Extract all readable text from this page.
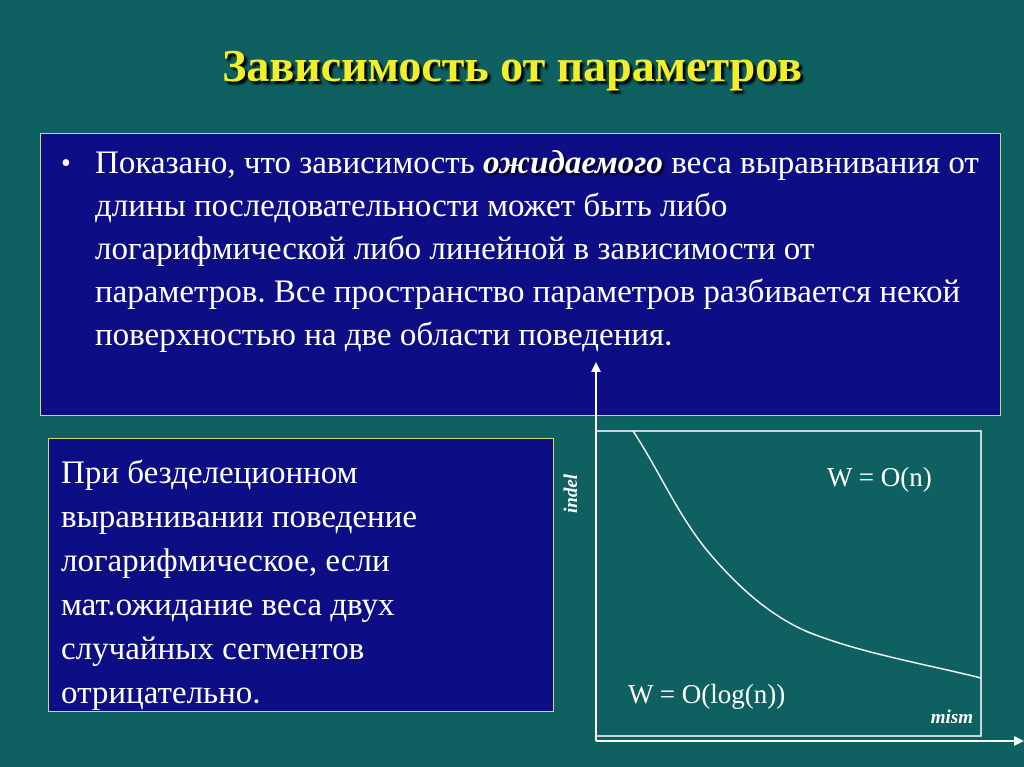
Зависимость от параметров
• Показано, что зависимость ожидаемого веса выравнивания от длины последовательности может быть либо логарифмической либо линейной в зависимости от параметров. Все пространство параметров разбивается некой поверхностью на две области поведения.
При безделеционном выравнивании поведение логарифмическое, если мат.ожидание веса двух случайных сегментов отрицательно.
indel
mism
W = O(n)
W = O(log(n))
